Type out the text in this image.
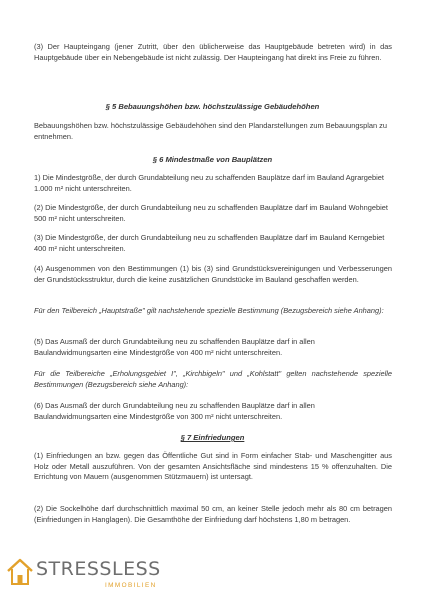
(3) Der Haupteingang (jener Zutritt, über den üblicherweise das Hauptgebäude betreten wird) in das Hauptgebäude über ein Nebengebäude ist nicht zulässig. Der Haupteingang hat direkt ins Freie zu führen.

§ 5 Bebauungshöhen bzw. höchstzulässige Gebäudehöhen

Bebauungshöhen bzw. höchstzulässige Gebäudehöhen sind den Plandarstellungen zum Bebauungsplan zu entnehmen.

§ 6 Mindestmaße von Bauplätzen

1) Die Mindestgröße, der durch Grundabteilung neu zu schaffenden Bauplätze darf im Bauland Agrargebiet 1.000 m² nicht unterschreiten.

(2) Die Mindestgröße, der durch Grundabteilung neu zu schaffenden Bauplätze darf im Bauland Wohngebiet 500 m² nicht unterschreiten.

(3) Die Mindestgröße, der durch Grundabteilung neu zu schaffenden Bauplätze darf im Bauland Kerngebiet 400 m² nicht unterschreiten.

(4) Ausgenommen von den Bestimmungen (1) bis (3) sind Grundstücksvereinigungen und Verbesserungen der Grundstücksstruktur, durch die keine zusätzlichen Grundstücke im Bauland geschaffen werden.

Für den Teilbereich „Hauptstraße" gilt nachstehende spezielle Bestimmung (Bezugsbereich siehe Anhang):

(5) Das Ausmaß der durch Grundabteilung neu zu schaffenden Bauplätze darf in allen Baulandwidmungsarten eine Mindestgröße von 400 m² nicht unterschreiten.

Für die Teilbereiche „Erholungsgebiet I", „Kirchbigeln" und „Kohlstatt" gelten nachstehende spezielle Bestimmungen (Bezugsbereich siehe Anhang):

(6) Das Ausmaß der durch Grundabteilung neu zu schaffenden Bauplätze darf in allen Baulandwidmungsarten eine Mindestgröße von 300 m² nicht unterschreiten.

§ 7 Einfriedungen

(1) Einfriedungen an bzw. gegen das Öffentliche Gut sind in Form einfacher Stab- und Maschengitter aus Holz oder Metall auszuführen. Von der gesamten Ansichtsfläche sind mindestens 15 % offenzuhalten. Die Errichtung von Mauern (ausgenommen Stützmauern) ist untersagt.

(2) Die Sockelhöhe darf durchschnittlich maximal 50 cm, an keiner Stelle jedoch mehr als 80 cm betragen (Einfriedungen in Hanglagen). Die Gesamthöhe der Einfriedung darf höchstens 1,80 m betragen.

STRESSLESS
IMMOBILIEN
